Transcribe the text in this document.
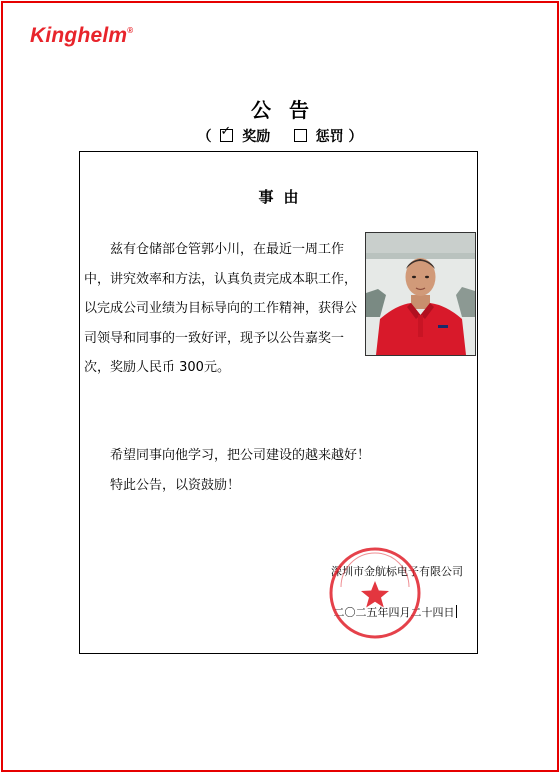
Kinghelm®
公告
（ ✓ 奖励	惩罚 ）
事由

兹有仓储部仓管郭小川，在最近一周工作中，讲究效率和方法，认真负责完成本职工作，以完成公司业绩为目标导向的工作精神，获得公司领导和同事的一致好评，现予以公告嘉奖一次，奖励人民币 300元。

希望同事向他学习，把公司建设的越来越好！
特此公告，以资鼓励！
深圳市金航标电子有限公司
二〇二五年四月二十四日
